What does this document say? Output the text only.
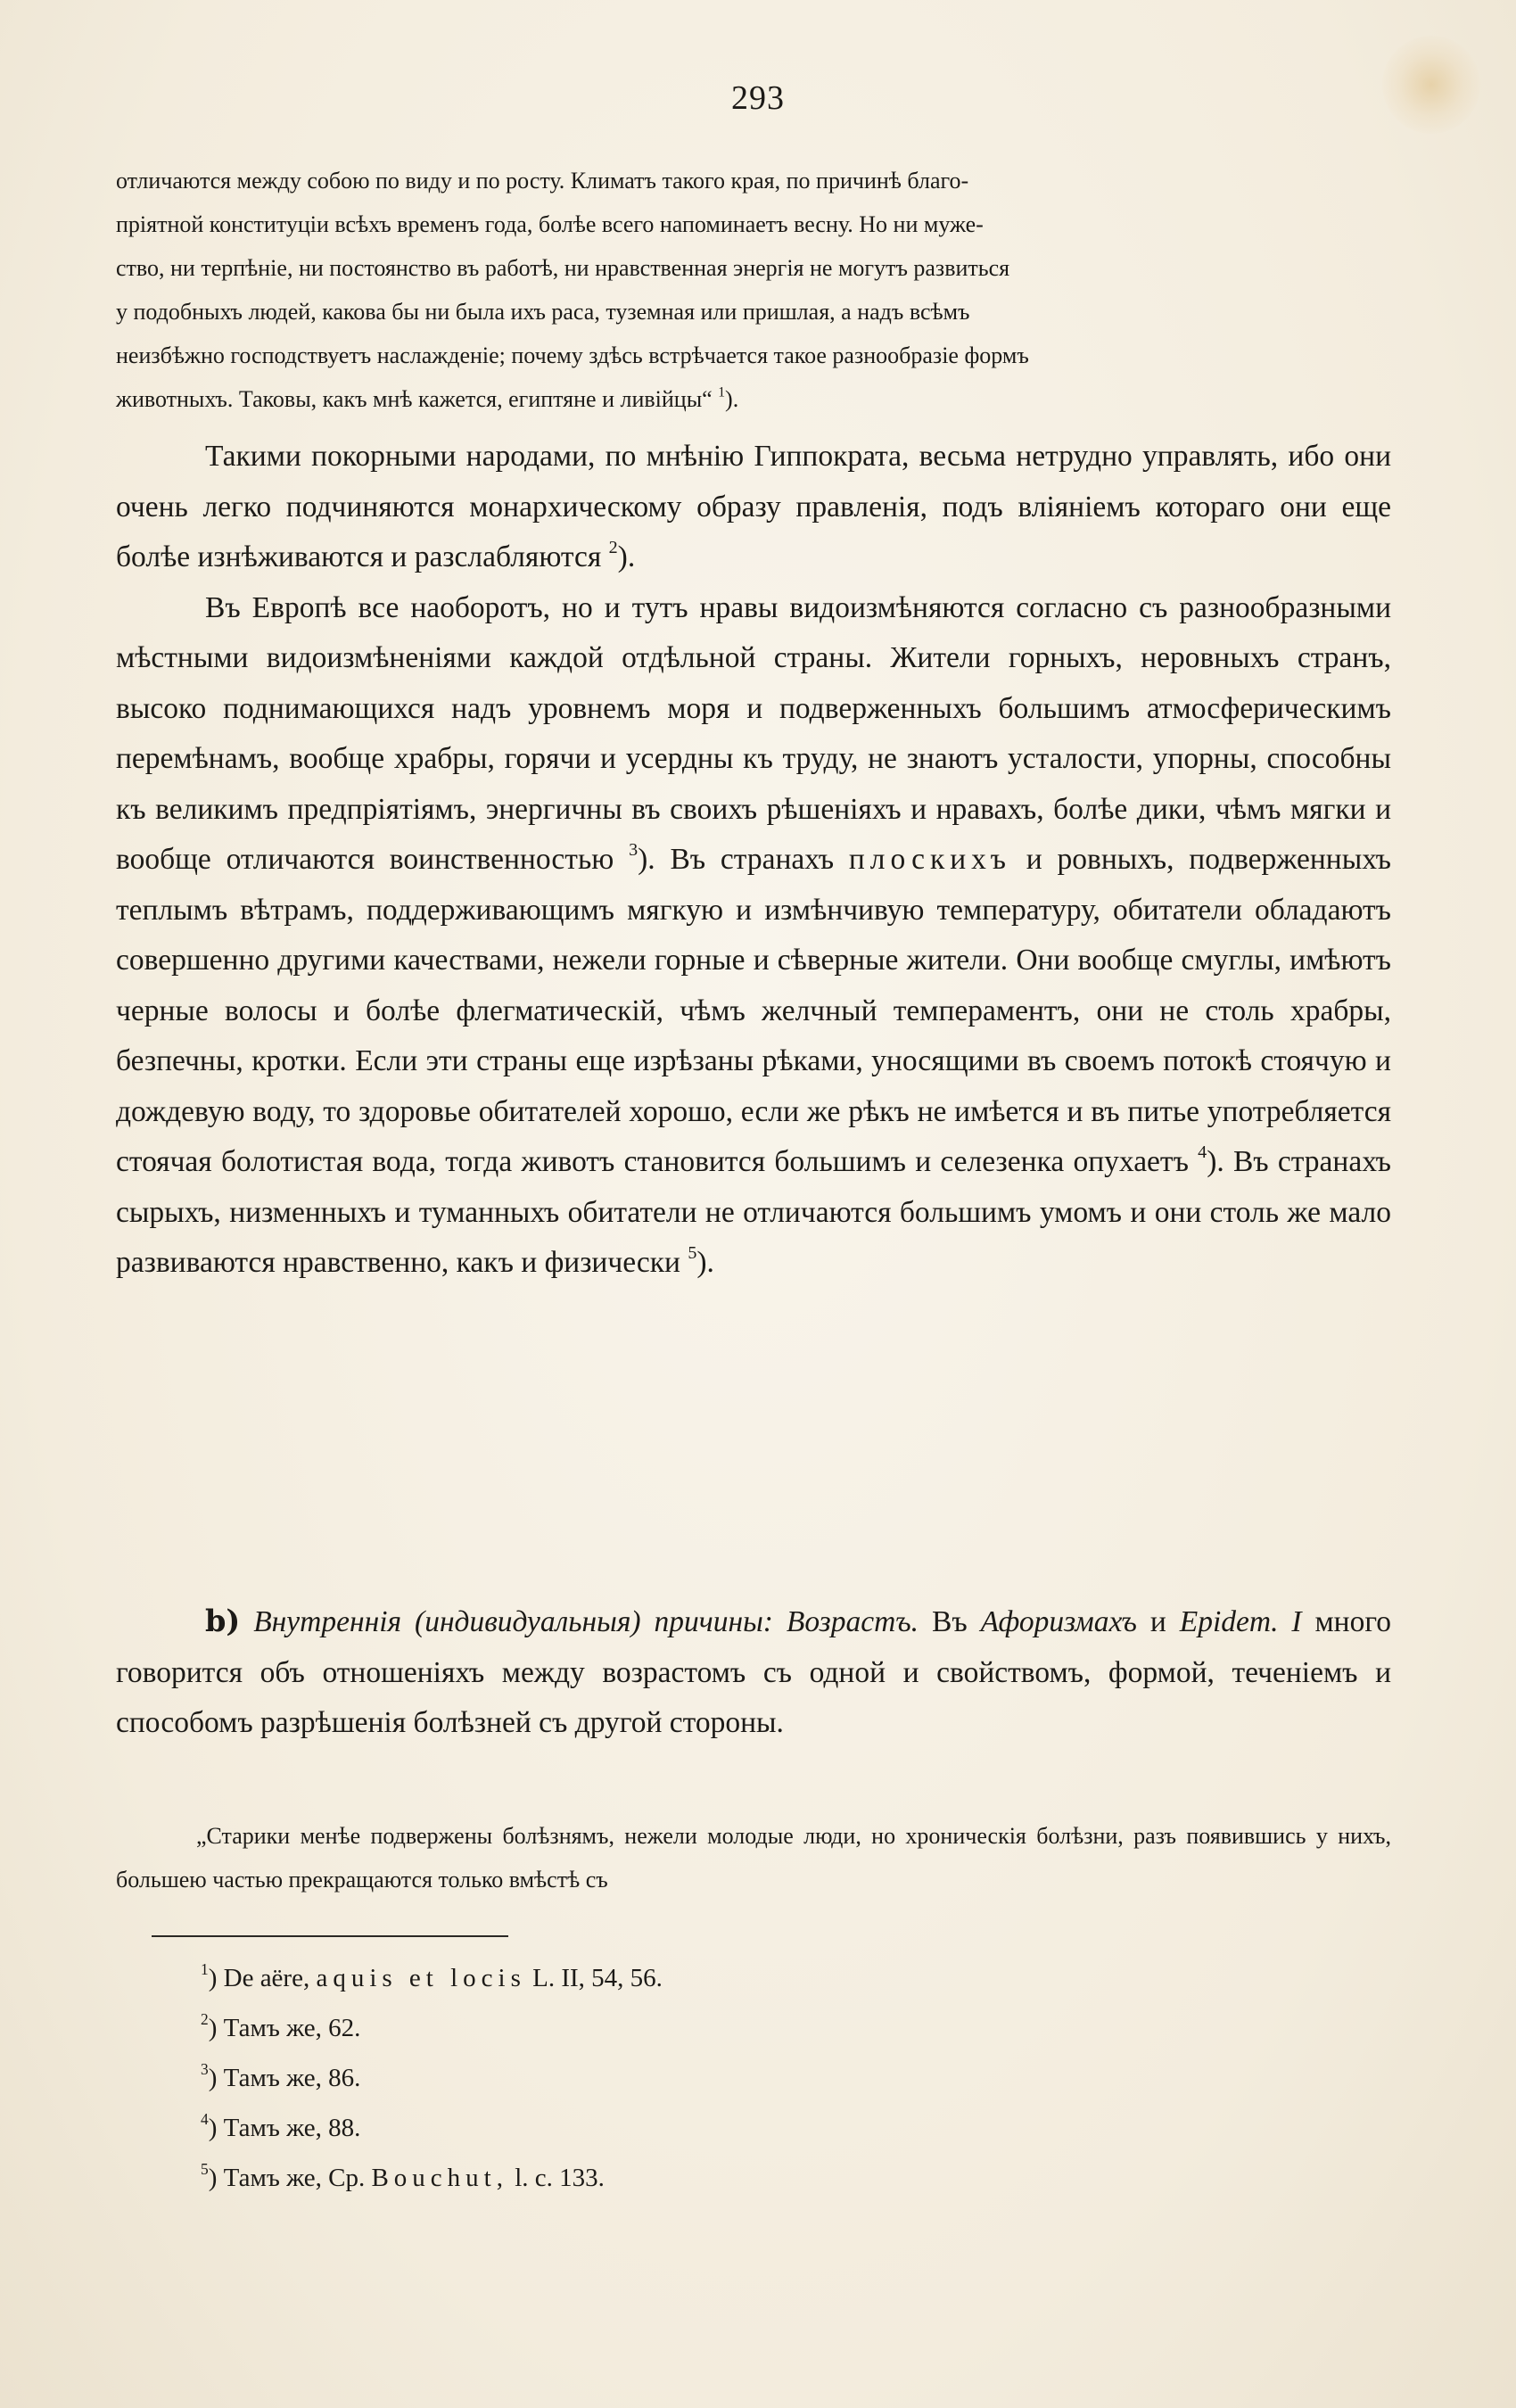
293

отличаются между собою по виду и по росту. Климатъ такого края, по причинѣ благо-

пріятной конституціи всѣхъ временъ года, болѣе всего напоминаетъ весну. Но ни муже-

ство, ни терпѣніе, ни постоянство въ работѣ, ни нравственная энергія не могутъ развиться

у подобныхъ людей, какова бы ни была ихъ раса, туземная или пришлая, а надъ всѣмъ

неизбѣжно господствуетъ наслажденіе; почему здѣсь встрѣчается такое разнообразіе формъ

животныхъ. Таковы, какъ мнѣ кажется, египтяне и ливійцы“ $^1$).

Такими покорными народами, по мнѣнію Гиппократа, весьма нетрудно управлять, ибо они очень легко подчиняются монархическому образу правленія, подъ вліяніемъ котораго они еще болѣе изнѣживаются и разслабляются $^2$).

Въ Европѣ все наоборотъ, но и тутъ нравы видоизмѣняются согласно съ разнообразными мѣстными видоизмѣненіями каждой отдѣльной страны. Жители горныхъ, неровныхъ странъ, высоко поднимающихся надъ уровнемъ моря и подверженныхъ большимъ атмосферическимъ перемѣнамъ, вообще храбры, горячи и усердны къ труду, не знаютъ усталости, упорны, способны къ великимъ предпріятіямъ, энергичны въ своихъ рѣшеніяхъ и нравахъ, болѣе дики, чѣмъ мягки и вообще отличаются воинственностью $^3$). Въ странахъ плоскихъ и ровныхъ, подверженныхъ теплымъ вѣтрамъ, поддерживающимъ мягкую и измѣнчивую температуру, обитатели обладаютъ совершенно другими качествами, нежели горные и сѣверные жители. Они вообще смуглы, имѣютъ черные волосы и болѣе флегматическій, чѣмъ желчный темпераментъ, они не столь храбры, безпечны, кротки. Если эти страны еще изрѣзаны рѣками, уносящими въ своемъ потокѣ стоячую и дождевую воду, то здоровье обитателей хорошо, если же рѣкъ не имѣется и въ питье употребляется стоячая болотистая вода, тогда животъ становится большимъ и селезенка опухаетъ $^4$). Въ странахъ сырыхъ, низменныхъ и туманныхъ обитатели не отличаются большимъ умомъ и они столь же мало развиваются нравственно, какъ и физически $^5$).

b) Внутреннія (индивидуальныя) причины: Возрастъ. Въ Афоризмахъ и Epidem. I много говорится объ отношеніяхъ между возрастомъ съ одной и свойствомъ, формой, теченіемъ и способомъ разрѣшенія болѣзней съ другой стороны.

„Старики менѣе подвержены болѣзнямъ, нежели молодые люди, но хроническія болѣзни, разъ появившись у нихъ, большею частью прекращаются только вмѣстѣ съ

$^1$) De aëre, aquis et locis L. II, 54, 56.
$^2$) Тамъ же, 62.
$^3$) Тамъ же, 86.
$^4$) Тамъ же, 88.
$^5$) Тамъ же, Ср. Bouchut, l. c. 133.
